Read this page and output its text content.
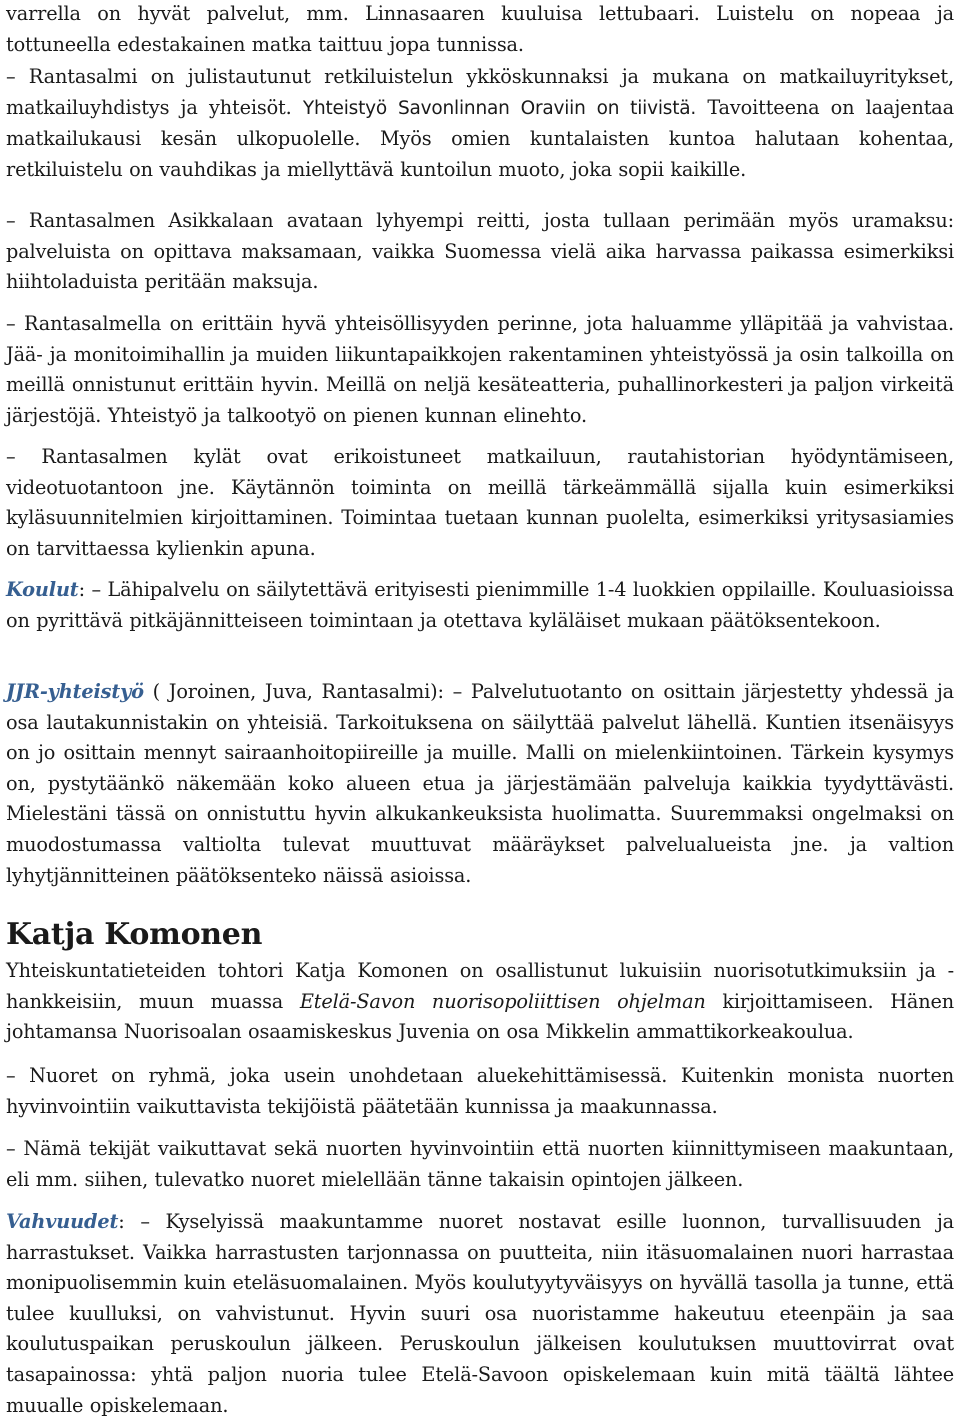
varrella on hyvät palvelut, mm. Linnasaaren kuuluisa lettubaari. Luistelu on nopeaa ja tottuneella edestakainen matka taittuu jopa tunnissa.

– Rantasalmi on julistautunut retkiluistelun ykköskunnaksi ja mukana on matkailuyritykset, matkailuyhdistys ja yhteisöt. Yhteistyö Savonlinnan Oraviin on tiivistä. Tavoitteena on laajentaa matkailukausi kesän ulkopuolelle. Myös omien kuntalaisten kuntoa halutaan kohentaa, retkiluistelu on vauhdikas ja miellyttävä kuntoilun muoto, joka sopii kaikille.

– Rantasalmen Asikkalaan avataan lyhyempi reitti, josta tullaan perimään myös uramaksu: palveluista on opittava maksamaan, vaikka Suomessa vielä aika harvassa paikassa esimerkiksi hiihtoladuista peritään maksuja.

– Rantasalmella on erittäin hyvä yhteisöllisyyden perinne, jota haluamme ylläpitää ja vahvistaa. Jää- ja monitoimihallin ja muiden liikuntapaikkojen rakentaminen yhteistyössä ja osin talkoilla on meillä onnistunut erittäin hyvin. Meillä on neljä kesäteatteria, puhallinorkesteri ja paljon virkeitä järjestöjä. Yhteistyö ja talkootyö on pienen kunnan elinehto.

– Rantasalmen kylät ovat erikoistuneet matkailuun, rautahistorian hyödyntämiseen, videotuotantoon jne. Käytännön toiminta on meillä tärkeämmällä sijalla kuin esimerkiksi kyläsuunnitelmien kirjoittaminen. Toimintaa tuetaan kunnan puolelta, esimerkiksi yritysasiamies on tarvittaessa kylienkin apuna.

Koulut: – Lähipalvelu on säilytettävä erityisesti pienimmille 1-4 luokkien oppilaille. Kouluasioissa on pyrittävä pitkäjännitteiseen toimintaan ja otettava kyläläiset mukaan päätöksentekoon.

JJR-yhteistyö ( Joroinen, Juva, Rantasalmi): – Palvelutuotanto on osittain järjestetty yhdessä ja osa lautakunnistakin on yhteisiä. Tarkoituksena on säilyttää palvelut lähellä. Kuntien itsenäisyys on jo osittain mennyt sairaanhoitopiireille ja muille. Malli on mielenkiintoinen. Tärkein kysymys on, pystytäänkö näkemään koko alueen etua ja järjestämään palveluja kaikkia tyydyttävästi. Mielestäni tässä on onnistuttu hyvin alkukankeuksista huolimatta. Suuremmaksi ongelmaksi on muodostumassa valtiolta tulevat muuttuvat määräykset palvelualueista jne. ja valtion lyhytjännitteinen päätöksenteko näissä asioissa.

Katja Komonen

Yhteiskuntatieteiden tohtori Katja Komonen on osallistunut lukuisiin nuorisotutkimuksiin ja -hankkeisiin, muun muassa Etelä-Savon nuorisopoliittisen ohjelman kirjoittamiseen. Hänen johtamansa Nuorisoalan osaamiskeskus Juvenia on osa Mikkelin ammattikorkeakoulua.

– Nuoret on ryhmä, joka usein unohdetaan aluekehittämisessä. Kuitenkin monista nuorten hyvinvointiin vaikuttavista tekijöistä päätetään kunnissa ja maakunnassa.

– Nämä tekijät vaikuttavat sekä nuorten hyvinvointiin että nuorten kiinnittymiseen maakuntaan, eli mm. siihen, tulevatko nuoret mielellään tänne takaisin opintojen jälkeen.

Vahvuudet: – Kyselyissä maakuntamme nuoret nostavat esille luonnon, turvallisuuden ja harrastukset. Vaikka harrastusten tarjonnassa on puutteita, niin itäsuomalainen nuori harrastaa monipuolisemmin kuin eteläsuomalainen. Myös koulutyytyväisyys on hyvällä tasolla ja tunne, että tulee kuulluksi, on vahvistunut. Hyvin suuri osa nuoristamme hakeutuu eteenpäin ja saa koulutuspaikan peruskoulun jälkeen. Peruskoulun jälkeisen koulutuksen muuttovirrat ovat tasapainossa: yhtä paljon nuoria tulee Etelä-Savoon opiskelemaan kuin mitä täältä lähtee muualle opiskelemaan.
